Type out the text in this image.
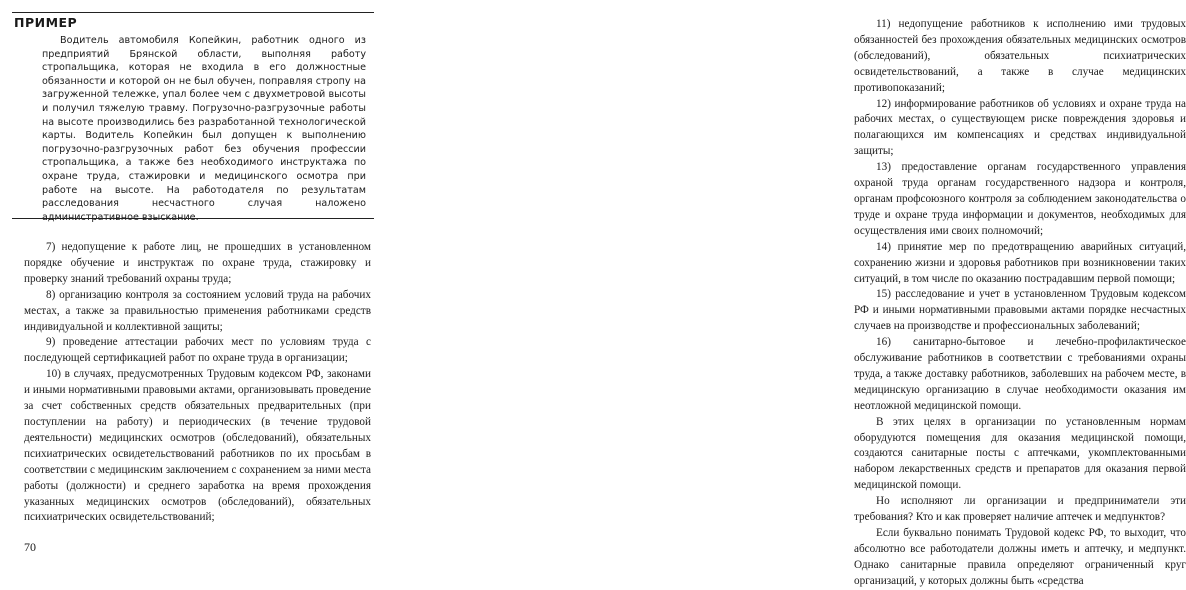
ПРИМЕР

Водитель автомобиля Копейкин, работник одного из предприятий Брянской области, выполняя работу стропальщика, которая не входила в его должностные обязанности и которой он не был обучен, поправляя стропу на загруженной тележке, упал более чем с двухметровой высоты и получил тяжелую травму. Погрузочно-разгрузочные работы на высоте производились без разработанной технологической карты. Водитель Копейкин был допущен к выполнению погрузочно-разгрузочных работ без обучения профессии стропальщика, а также без необходимого инструктажа по охране труда, стажировки и медицинского осмотра при работе на высоте. На работодателя по результатам расследования несчастного случая наложено административное взыскание.

7) недопущение к работе лиц, не прошедших в установленном порядке обучение и инструктаж по охране труда, стажировку и проверку знаний требований охраны труда;

8) организацию контроля за состоянием условий труда на рабочих местах, а также за правильностью применения работниками средств индивидуальной и коллективной защиты;

9) проведение аттестации рабочих мест по условиям труда с последующей сертификацией работ по охране труда в организации;

10) в случаях, предусмотренных Трудовым кодексом РФ, законами и иными нормативными правовыми актами, организовывать проведение за счет собственных средств обязательных предварительных (при поступлении на работу) и периодических (в течение трудовой деятельности) медицинских осмотров (обследований), обязательных психиатрических освидетельствований работников по их просьбам в соответствии с медицинским заключением с сохранением за ними места работы (должности) и среднего заработка на время прохождения указанных медицинских осмотров (обследований), обязательных психиатрических освидетельствований;

70

11) недопущение работников к исполнению ими трудовых обязанностей без прохождения обязательных медицинских осмотров (обследований), обязательных психиатрических освидетельствований, а также в случае медицинских противопоказаний;

12) информирование работников об условиях и охране труда на рабочих местах, о существующем риске повреждения здоровья и полагающихся им компенсациях и средствах индивидуальной защиты;

13) предоставление органам государственного управления охраной труда органам государственного надзора и контроля, органам профсоюзного контроля за соблюдением законодательства о труде и охране труда информации и документов, необходимых для осуществления ими своих полномочий;

14) принятие мер по предотвращению аварийных ситуаций, сохранению жизни и здоровья работников при возникновении таких ситуаций, в том числе по оказанию пострадавшим первой помощи;

15) расследование и учет в установленном Трудовым кодексом РФ и иными нормативными правовыми актами порядке несчастных случаев на производстве и профессиональных заболеваний;

16) санитарно-бытовое и лечебно-профилактическое обслуживание работников в соответствии с требованиями охраны труда, а также доставку работников, заболевших на рабочем месте, в медицинскую организацию в случае необходимости оказания им неотложной медицинской помощи.

В этих целях в организации по установленным нормам оборудуются помещения для оказания медицинской помощи, создаются санитарные посты с аптечками, укомплектованными набором лекарственных средств и препаратов для оказания первой медицинской помощи.

Но исполняют ли организации и предприниматели эти требования? Кто и как проверяет наличие аптечек и медпунктов?

Если буквально понимать Трудовой кодекс РФ, то выходит, что абсолютно все работодатели должны иметь и аптечку, и медпункт. Однако санитарные правила определяют ограниченный круг организаций, у которых должны быть «средства
